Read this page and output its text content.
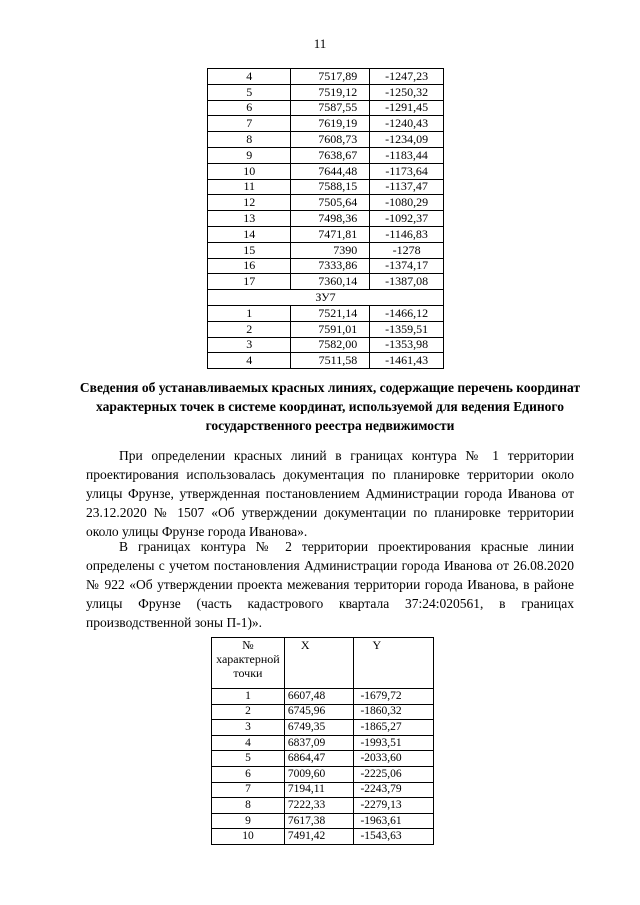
11
4	7517,89	-1247,23
5	7519,12	-1250,32
6	7587,55	-1291,45
7	7619,19	-1240,43
8	7608,73	-1234,09
9	7638,67	-1183,44
10	7644,48	-1173,64
11	7588,15	-1137,47
12	7505,64	-1080,29
13	7498,36	-1092,37
14	7471,81	-1146,83
15	7390	-1278
16	7333,86	-1374,17
17	7360,14	-1387,08
ЗУ7		
1	7521,14	-1466,12
2	7591,01	-1359,51
3	7582,00	-1353,98
4	7511,58	-1461,43
Сведения об устанавливаемых красных линиях, содержащие перечень координат характерных точек в системе координат, используемой для ведения Единого государственного реестра недвижимости

При определении красных линий в границах контура № 1 территории проектирования использовалась документация по планировке территории около улицы Фрунзе, утвержденная постановлением Администрации города Иванова от 23.12.2020 № 1507 «Об утверждении документации по планировке территории около улицы Фрунзе города Иванова».

В границах контура № 2 территории проектирования красные линии определены с учетом постановления Администрации города Иванова от 26.08.2020 № 922 «Об утверждении проекта межевания территории города Иванова, в районе улицы Фрунзе (часть кадастрового квартала 37:24:020561, в границах производственной зоны П-1)».

№ характерной точки	X	Y
1	6607,48	-1679,72
2	6745,96	-1860,32
3	6749,35	-1865,27
4	6837,09	-1993,51
5	6864,47	-2033,60
6	7009,60	-2225,06
7	7194,11	-2243,79
8	7222,33	-2279,13
9	7617,38	-1963,61
10	7491,42	-1543,63
